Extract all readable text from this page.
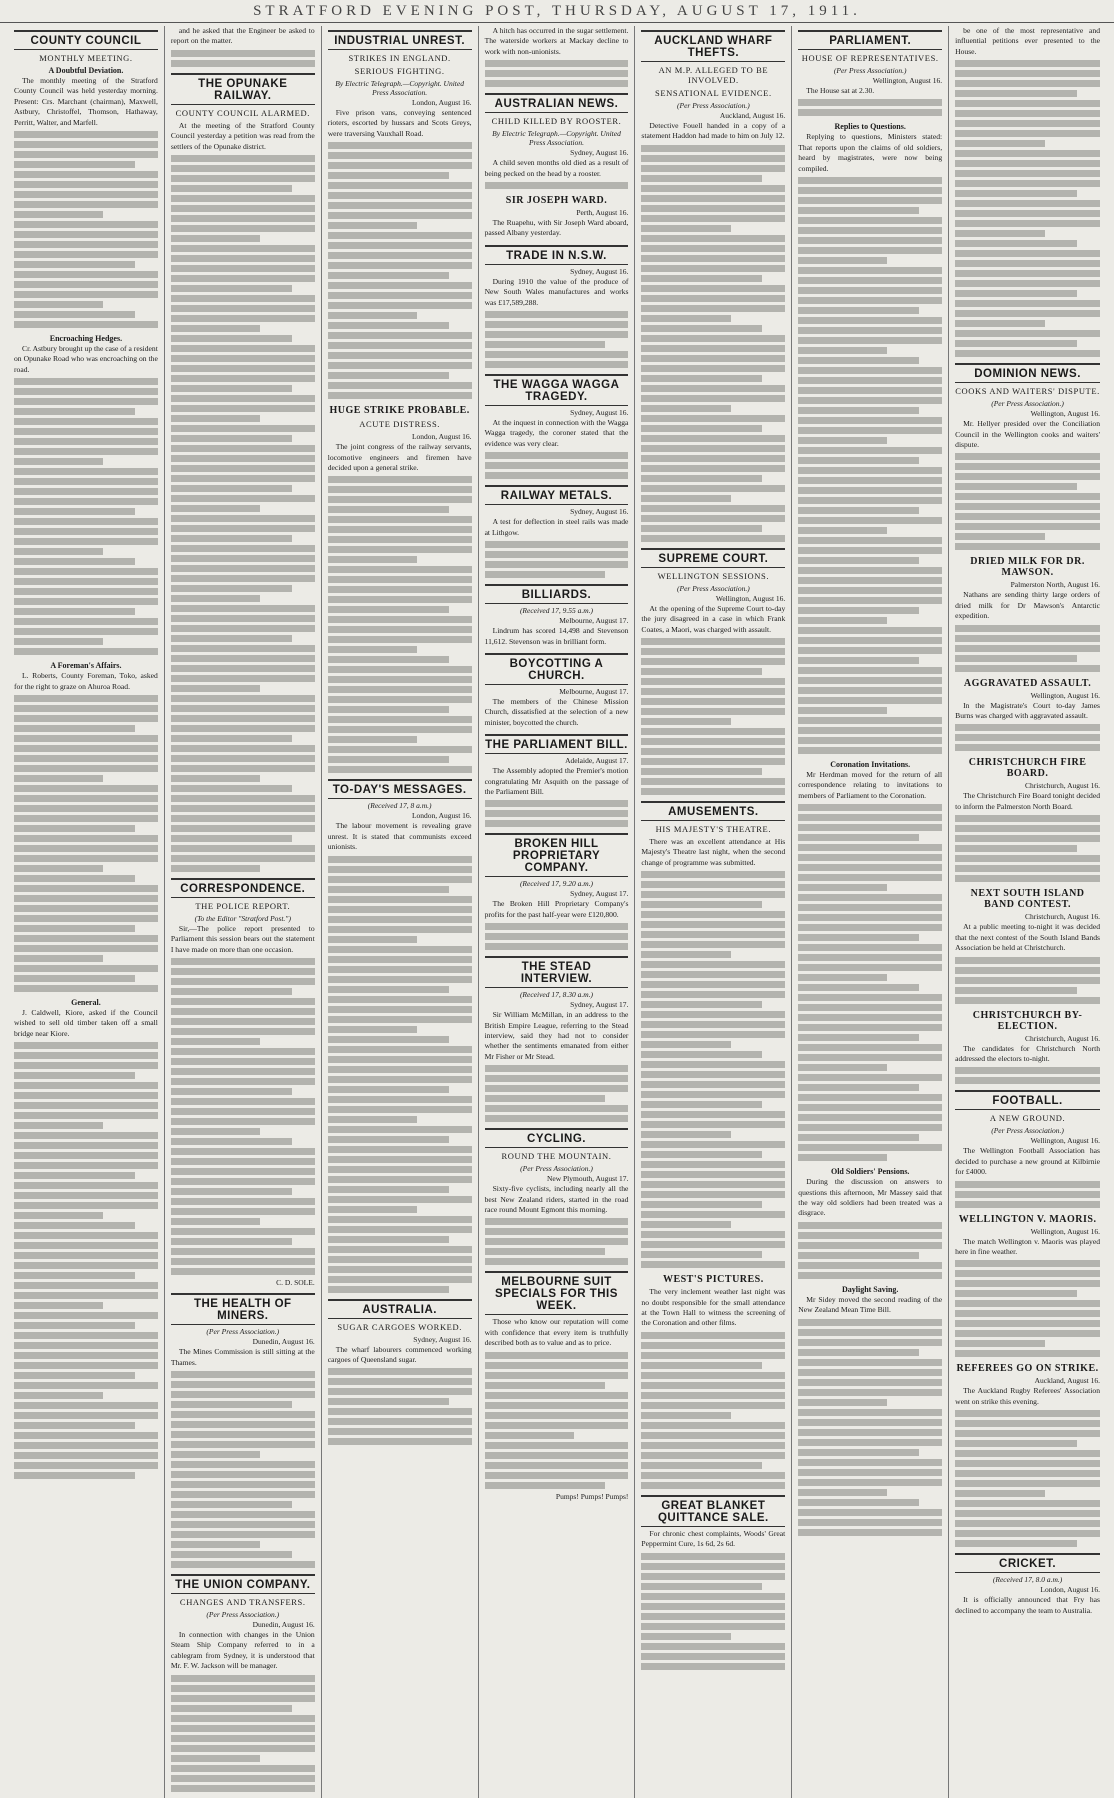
STRATFORD EVENING POST, THURSDAY, AUGUST 17, 1911.
COUNTY COUNCIL
MONTHLY MEETING.
A Doubtful Deviation.
The monthly meeting of the Stratford County Council was held yesterday morning. Present: Crs. Marchant (chairman), Maxwell, Astbury, Christoffel, Thomson, Hathaway, Perritt, Walter, and Marfell.
Encroaching Hedges.
Cr. Astbury brought up the case of a resident on Opunake Road who was encroaching on the road.
A Foreman's Affairs.
L. Roberts, County Foreman, Toko, asked for the right to graze on Ahuroa Road.
General.
J. Caldwell, Kiore, asked if the Council wished to sell old timber taken off a small bridge near Kiore.
and he asked that the Engineer be asked to report on the matter.
THE OPUNAKE RAILWAY.
COUNTY COUNCIL ALARMED.
At the meeting of the Stratford County Council yesterday a petition was read from the settlers of the Opunake district.
CORRESPONDENCE.
THE POLICE REPORT.
(To the Editor "Stratford Post.")
Sir,—The police report presented to Parliament this session bears out the statement I have made on more than one occasion.
C. D. SOLE.
THE HEALTH OF MINERS.
(Per Press Association.)
Dunedin, August 16.
The Mines Commission is still sitting at the Thames.
THE UNION COMPANY.
CHANGES AND TRANSFERS.
(Per Press Association.)
Dunedin, August 16.
In connection with changes in the Union Steam Ship Company referred to in a cablegram from Sydney, it is understood that Mr. F. W. Jackson will be manager.
INDUSTRIAL UNREST.
STRIKES IN ENGLAND.
SERIOUS FIGHTING.
By Electric Telegraph.—Copyright. United Press Association.
London, August 16.
Five prison vans, conveying sentenced rioters, escorted by hussars and Scots Greys, were traversing Vauxhall Road.
HUGE STRIKE PROBABLE.
ACUTE DISTRESS.
London, August 16.
The joint congress of the railway servants, locomotive engineers and firemen have decided upon a general strike.
TO-DAY'S MESSAGES.
(Received 17, 8 a.m.)
London, August 16.
The labour movement is revealing grave unrest. It is stated that communists exceed unionists.
AUSTRALIA.
SUGAR CARGOES WORKED.
Sydney, August 16.
The wharf labourers commenced working cargoes of Queensland sugar.
A hitch has occurred in the sugar settlement. The waterside workers at Mackay decline to work with non-unionists.
AUSTRALIAN NEWS.
CHILD KILLED BY ROOSTER.
By Electric Telegraph.—Copyright. United Press Association.
Sydney, August 16.
A child seven months old died as a result of being pecked on the head by a rooster.
SIR JOSEPH WARD.
Perth, August 16.
The Ruapehu, with Sir Joseph Ward aboard, passed Albany yesterday.
TRADE IN N.S.W.
Sydney, August 16.
During 1910 the value of the produce of New South Wales manufactures and works was £17,589,288.
THE WAGGA WAGGA TRAGEDY.
Sydney, August 16.
At the inquest in connection with the Wagga Wagga tragedy, the coroner stated that the evidence was very clear.
RAILWAY METALS.
Sydney, August 16.
A test for deflection in steel rails was made at Lithgow.
BILLIARDS.
(Received 17, 9.55 a.m.)
Melbourne, August 17.
Lindrum has scored 14,498 and Stevenson 11,612. Stevenson was in brilliant form.
BOYCOTTING A CHURCH.
Melbourne, August 17.
The members of the Chinese Mission Church, dissatisfied at the selection of a new minister, boycotted the church.
THE PARLIAMENT BILL.
Adelaide, August 17.
The Assembly adopted the Premier's motion congratulating Mr Asquith on the passage of the Parliament Bill.
BROKEN HILL PROPRIETARY COMPANY.
(Received 17, 9.20 a.m.)
Sydney, August 17.
The Broken Hill Proprietary Company's profits for the past half-year were £120,800.
THE STEAD INTERVIEW.
(Received 17, 8.30 a.m.)
Sydney, August 17.
Sir William McMillan, in an address to the British Empire League, referring to the Stead interview, said they had not to consider whether the sentiments emanated from either Mr Fisher or Mr Stead.
CYCLING.
ROUND THE MOUNTAIN.
(Per Press Association.)
New Plymouth, August 17.
Sixty-five cyclists, including nearly all the best New Zealand riders, started in the road race round Mount Egmont this morning.
MELBOURNE SUIT SPECIALS FOR THIS WEEK.
Those who know our reputation will come with confidence that every item is truthfully described both as to value and as to price.
Pumps! Pumps! Pumps!
AUCKLAND WHARF THEFTS.
AN M.P. ALLEGED TO BE INVOLVED.
SENSATIONAL EVIDENCE.
(Per Press Association.)
Auckland, August 16.
Detective Fouell handed in a copy of a statement Haddon had made to him on July 12.
SUPREME COURT.
WELLINGTON SESSIONS.
(Per Press Association.)
Wellington, August 16.
At the opening of the Supreme Court to-day the jury disagreed in a case in which Frank Coates, a Maori, was charged with assault.
AMUSEMENTS.
HIS MAJESTY'S THEATRE.
There was an excellent attendance at His Majesty's Theatre last night, when the second change of programme was submitted.
WEST'S PICTURES.
The very inclement weather last night was no doubt responsible for the small attendance at the Town Hall to witness the screening of the Coronation and other films.
GREAT BLANKET QUITTANCE SALE.
For chronic chest complaints, Woods' Great Peppermint Cure, 1s 6d, 2s 6d.
PARLIAMENT.
HOUSE OF REPRESENTATIVES.
(Per Press Association.)
Wellington, August 16.
The House sat at 2.30.
Replies to Questions.
Replying to questions, Ministers stated: That reports upon the claims of old soldiers, heard by magistrates, were now being compiled.
Coronation Invitations.
Mr Herdman moved for the return of all correspondence relating to invitations to members of Parliament to the Coronation.
Old Soldiers' Pensions.
During the discussion on answers to questions this afternoon, Mr Massey said that the way old soldiers had been treated was a disgrace.
Daylight Saving.
Mr Sidey moved the second reading of the New Zealand Mean Time Bill.
be one of the most representative and influential petitions ever presented to the House.
DOMINION NEWS.
COOKS AND WAITERS' DISPUTE.
(Per Press Association.)
Wellington, August 16.
Mr. Hellyer presided over the Conciliation Council in the Wellington cooks and waiters' dispute.
DRIED MILK FOR DR. MAWSON.
Palmerston North, August 16.
Nathans are sending thirty large orders of dried milk for Dr Mawson's Antarctic expedition.
AGGRAVATED ASSAULT.
Wellington, August 16.
In the Magistrate's Court to-day James Burns was charged with aggravated assault.
CHRISTCHURCH FIRE BOARD.
Christchurch, August 16.
The Christchurch Fire Board tonight decided to inform the Palmerston North Board.
NEXT SOUTH ISLAND BAND CONTEST.
Christchurch, August 16.
At a public meeting to-night it was decided that the next contest of the South Island Bands Association be held at Christchurch.
CHRISTCHURCH BY-ELECTION.
Christchurch, August 16.
The candidates for Christchurch North addressed the electors to-night.
FOOTBALL.
A NEW GROUND.
(Per Press Association.)
Wellington, August 16.
The Wellington Football Association has decided to purchase a new ground at Kilbirnie for £4000.
WELLINGTON V. MAORIS.
Wellington, August 16.
The match Wellington v. Maoris was played here in fine weather.
REFEREES GO ON STRIKE.
Auckland, August 16.
The Auckland Rugby Referees' Association went on strike this evening.
CRICKET.
(Received 17, 8.0 a.m.)
London, August 16.
It is officially announced that Fry has declined to accompany the team to Australia.
